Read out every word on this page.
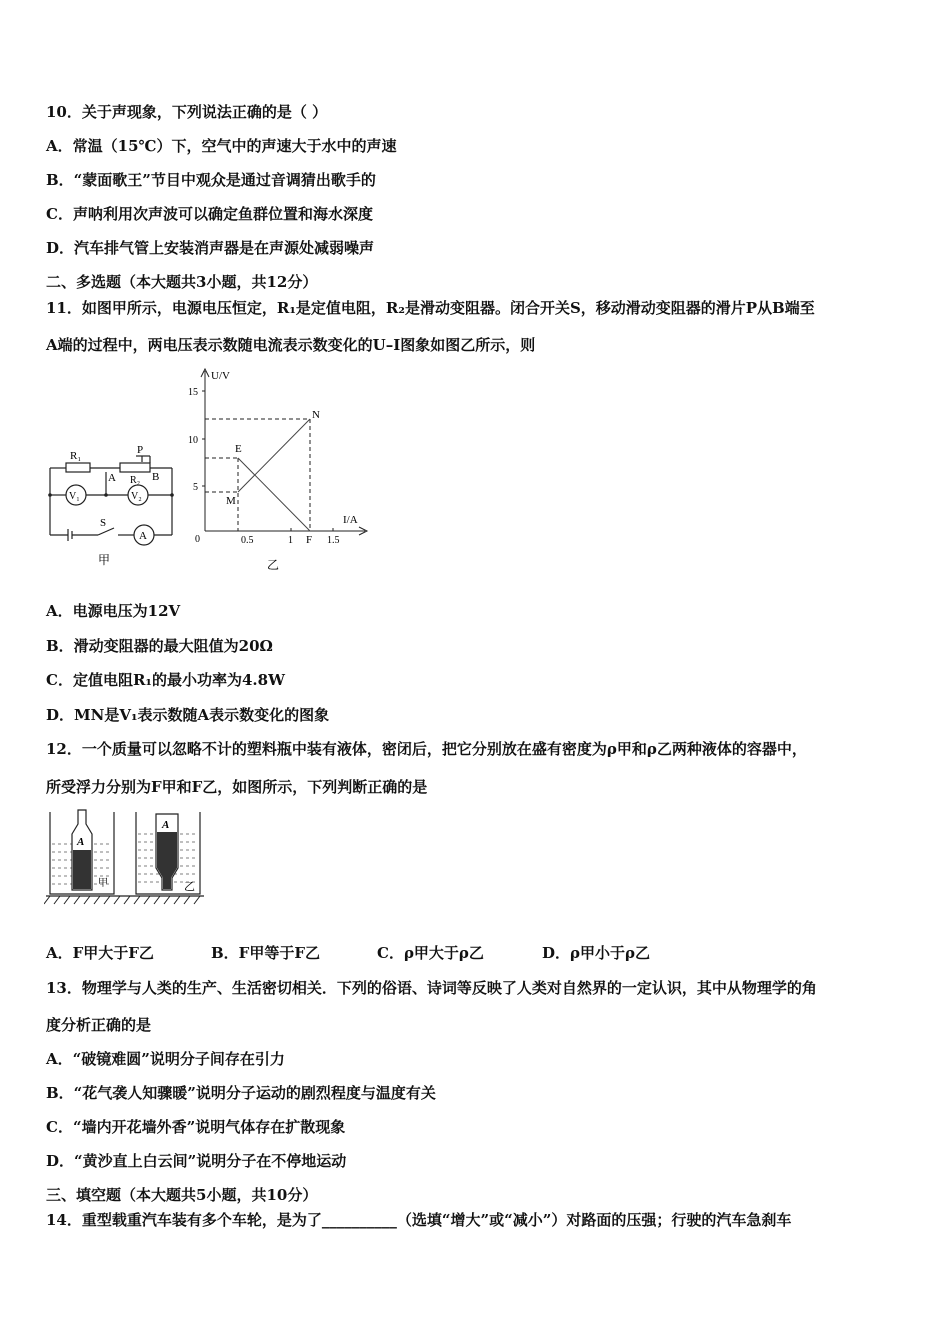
10．关于声现象，下列说法正确的是（ ）
A．常温（15℃）下，空气中的声速大于水中的声速
B．“蒙面歌王”节目中观众是通过音调猜出歌手的
C．声呐利用次声波可以确定鱼群位置和海水深度
D．汽车排气管上安装消声器是在声源处减弱噪声
二、多选题（本大题共3小题，共12分）
11．如图甲所示，电源电压恒定，R₁是定值电阻，R₂是滑动变阻器。闭合开关S，移动滑动变阻器的滑片P从B端至
A端的过程中，两电压表示数随电流表示数变化的U–I图象如图乙所示，则
R₁	P
A R₂ B
V₁	V₂
S
A
甲
U/V
I/A
15
10
5
0	0.5	1	1.5
E
M
N
F
乙
A．电源电压为12V
B．滑动变阻器的最大阻值为20Ω
C．定值电阻R₁的最小功率为4.8W
D．MN是V₁表示数随A表示数变化的图象
12．一个质量可以忽略不计的塑料瓶中装有液体，密闭后，把它分别放在盛有密度为ρ甲和ρ乙两种液体的容器中，
所受浮力分别为F甲和F乙，如图所示，下列判断正确的是
A
A
甲	乙
A．F甲大于F乙	B．F甲等于F乙	C．ρ甲大于ρ乙	D．ρ甲小于ρ乙
13．物理学与人类的生产、生活密切相关．下列的俗语、诗词等反映了人类对自然界的一定认识，其中从物理学的角
度分析正确的是
A．“破镜难圆”说明分子间存在引力
B．“花气袭人知骤暖”说明分子运动的剧烈程度与温度有关
C．“墙内开花墙外香”说明气体存在扩散现象
D．“黄沙直上白云间”说明分子在不停地运动
三、填空题（本大题共5小题，共10分）
14．重型载重汽车装有多个车轮，是为了__________（选填“增大”或“减小”）对路面的压强；行驶的汽车急刹车
